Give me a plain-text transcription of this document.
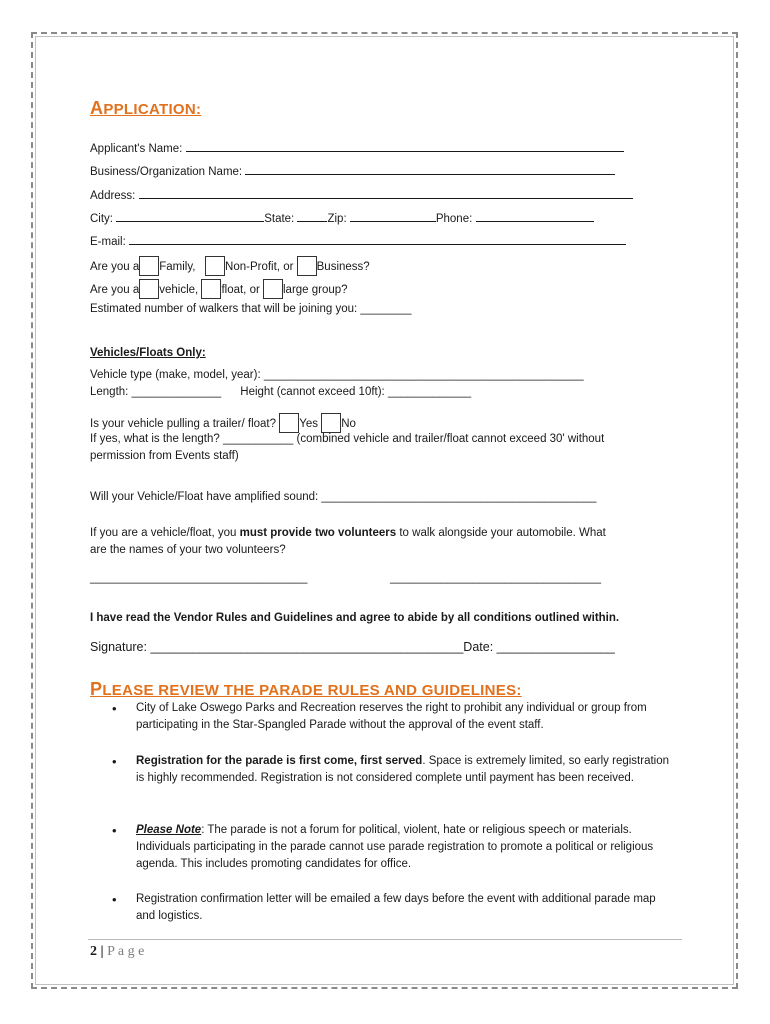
APPLICATION:
Applicant's Name:
Business/Organization Name:
Address:
City:	State:	Zip:	Phone:
E-mail:
Are you a Family,	Non-Profit, or Business?
Are you a vehicle, float, or large group?
Estimated number of walkers that will be joining you: ________
Vehicles/Floats Only:
Vehicle type (make, model, year): __________________________________________________
Length: ______________ Height (cannot exceed 10ft): _____________
Is your vehicle pulling a trailer/ float? Yes No
If yes, what is the length? ___________ (combined vehicle and trailer/float cannot exceed 30' without
permission from Events staff)
Will your Vehicle/Float have amplified sound: ___________________________________________
If you are a vehicle/float, you must provide two volunteers to walk alongside your automobile. What
are the names of your two volunteers?
__________________________________	_________________________________
I have read the Vendor Rules and Guidelines and agree to abide by all conditions outlined within.
Signature: _____________________________________________Date: _________________
PLEASE REVIEW THE PARADE RULES AND GUIDELINES:

• City of Lake Oswego Parks and Recreation reserves the right to prohibit any individual or group from participating in the Star-Spangled Parade without the approval of the event staff.

• Registration for the parade is first come, first served. Space is extremely limited, so early registration is highly recommended. Registration is not considered complete until payment has been received.

• Please Note: The parade is not a forum for political, violent, hate or religious speech or materials. Individuals participating in the parade cannot use parade registration to promote a political or religious agenda. This includes promoting candidates for office.

• Registration confirmation letter will be emailed a few days before the event with additional parade map and logistics.

2 | P a g e
